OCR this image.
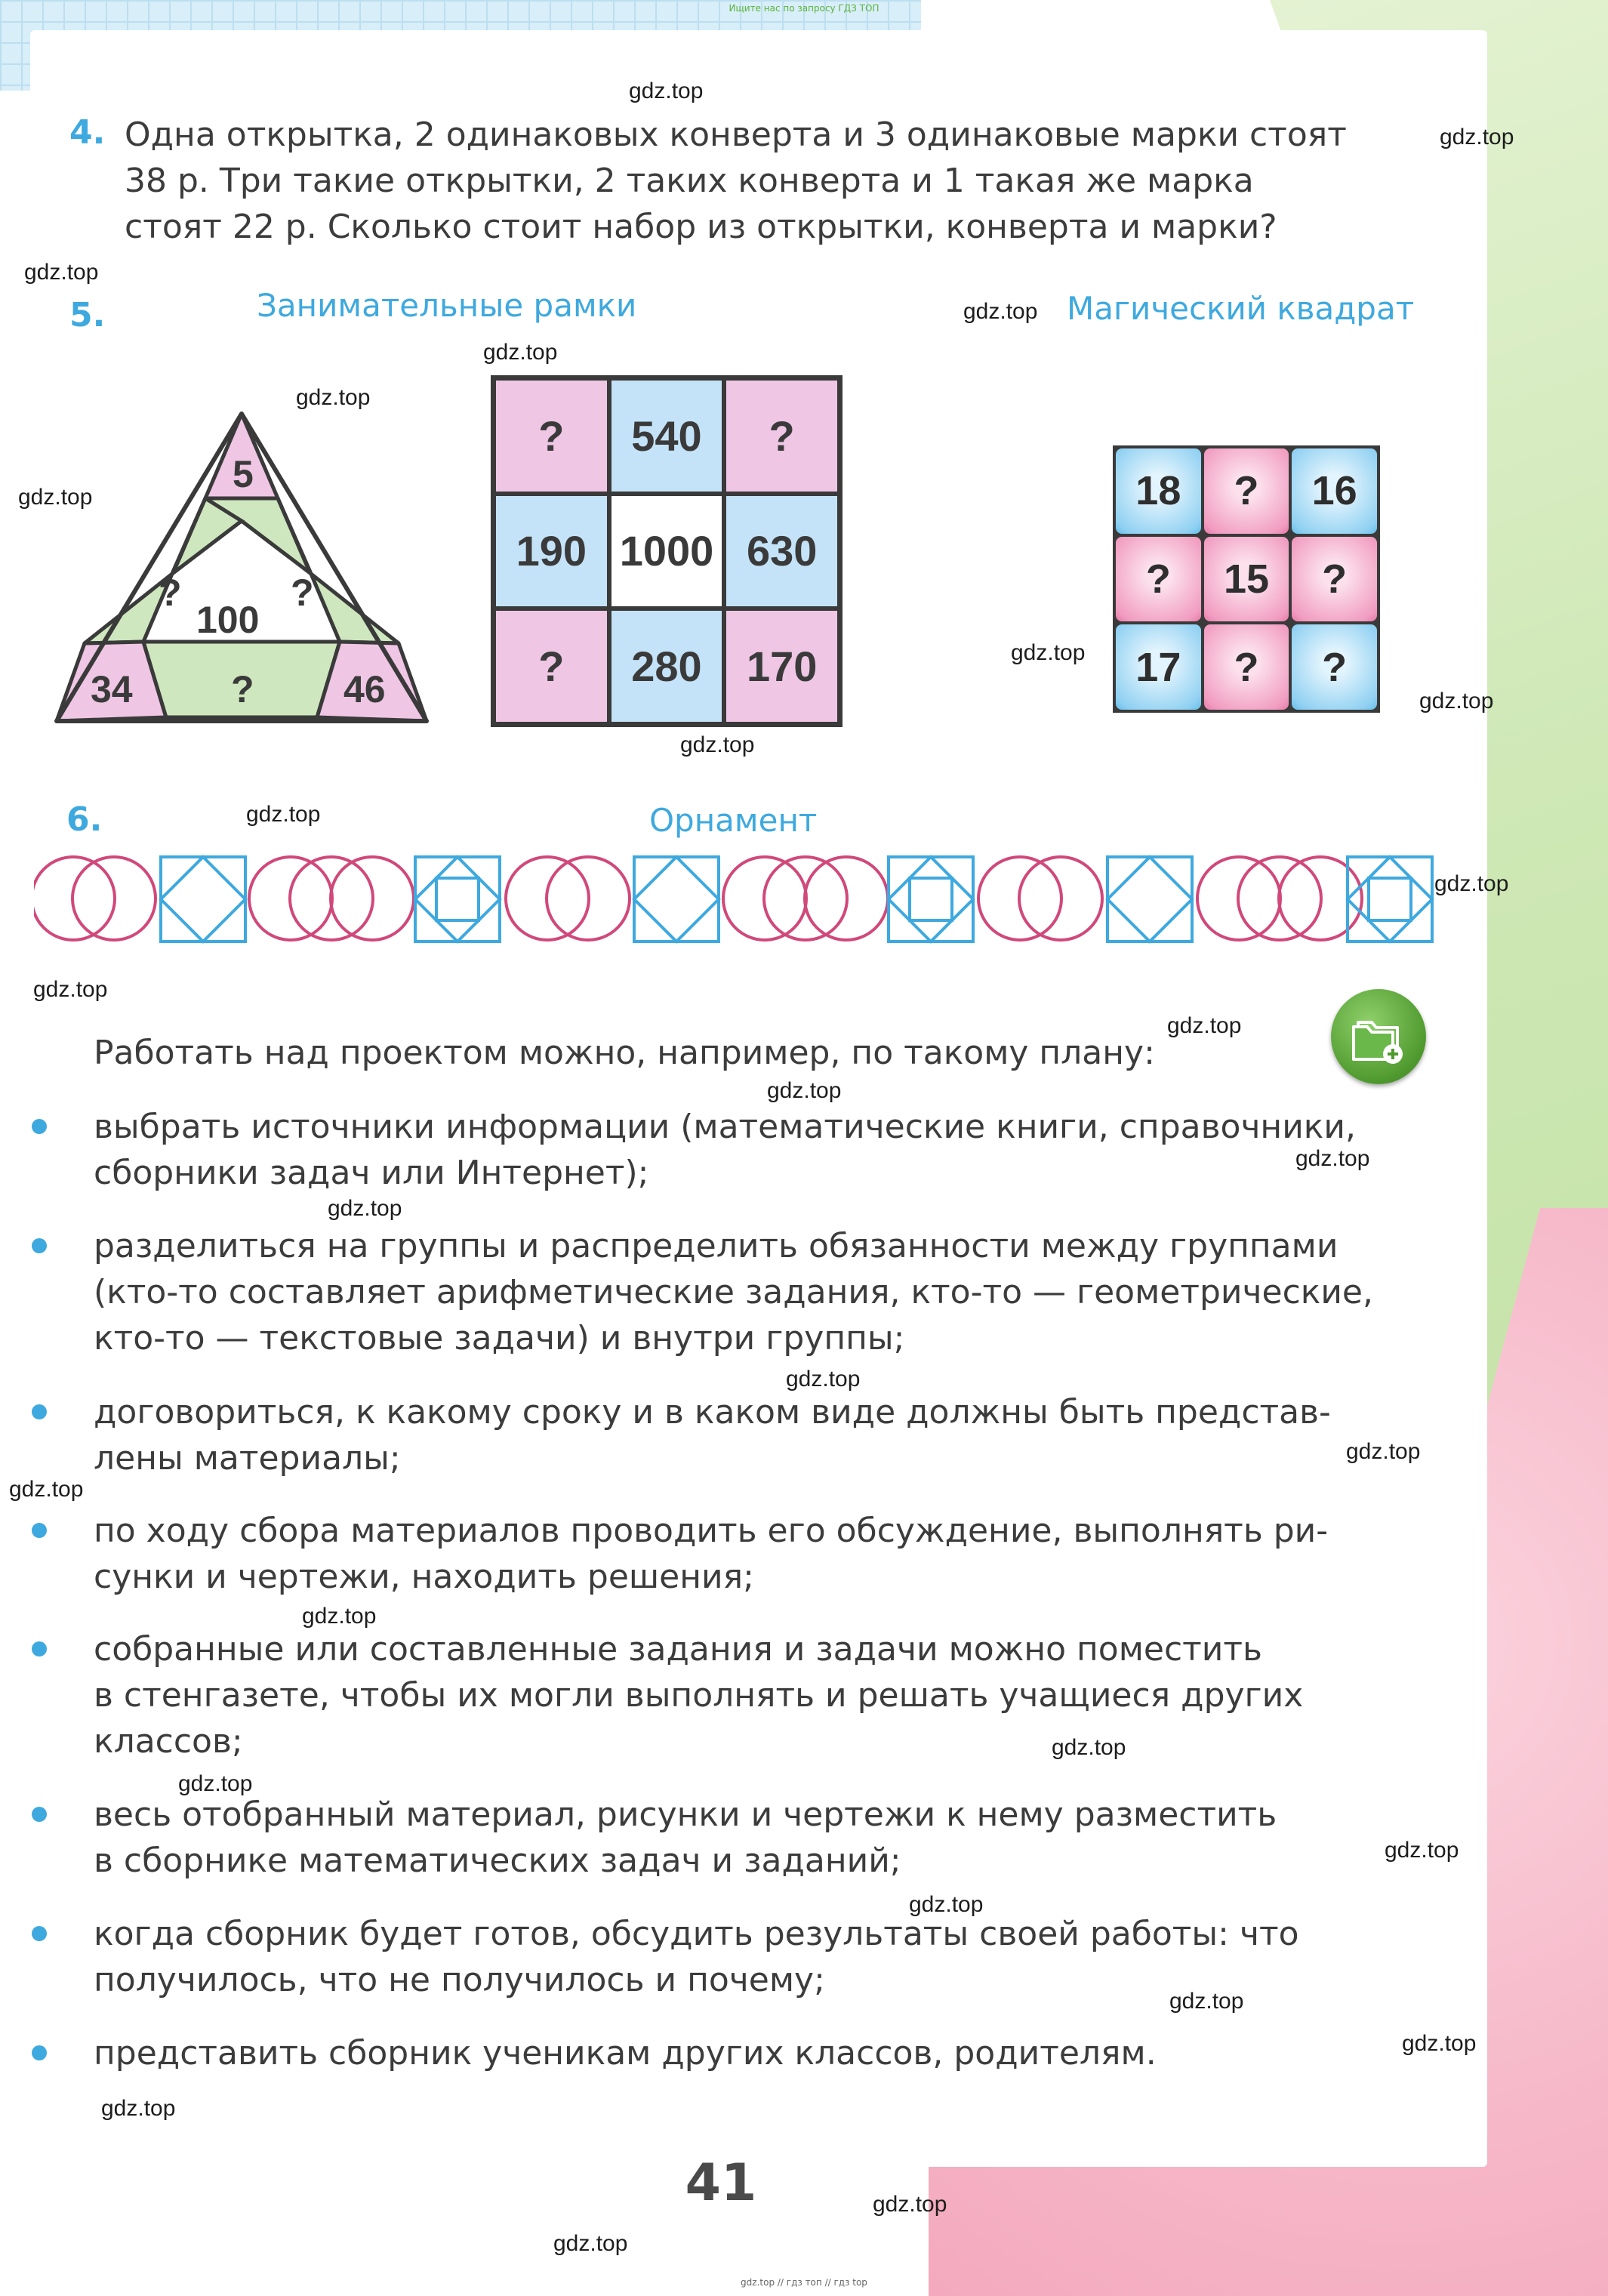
41
Ищите нас по запросу ГДЗ ТОП
gdz.top // гдз топ // гдз top
4. Одна открытка, 2 одинаковых конверта и 3 одинаковые марки стоят
38 р. Три такие открытки, 2 таких конверта и 1 такая же марка
стоят 22 р. Сколько стоит набор из открытки, конверта и марки?
5.	Занимательные рамки	Магический квадрат
5
?	?
100
34	? 46
?	540	?
190 1000 630
?	280	170
18	?	16
?	15	?
17	?	?
6.	Орнамент
Работать над проектом можно, например, по такому плану:
выбрать источники информации (математические книги, справочники,
сборники задач или Интернет);
разделиться на группы и распределить обязанности между группами
(кто-то составляет арифметические задания, кто-то — геометрические,
кто-то — текстовые задачи) и внутри группы;
договориться, к какому сроку и в каком виде должны быть представ-
лены материалы;
по ходу сбора материалов проводить его обсуждение, выполнять ри-
сунки и чертежи, находить решения;
собранные или составленные задания и задачи можно поместить
в стенгазете, чтобы их могли выполнять и решать учащиеся других
классов;
весь отобранный материал, рисунки и чертежи к нему разместить
в сборнике математических задач и заданий;
когда сборник будет готов, обсудить результаты своей работы: что
получилось, что не получилось и почему;
представить сборник ученикам других классов, родителям.
gdz.top
gdz.top
gdz.top
gdz.top
gdz.top
gdz.top
gdz.top
gdz.top
gdz.top
gdz.top
gdz.top
gdz.top
gdz.top
gdz.top
gdz.top
gdz.top
gdz.top
gdz.top
gdz.top
gdz.top
gdz.top
gdz.top
gdz.top
gdz.top
gdz.top
gdz.top
gdz.top
gdz.top
gdz.top
gdz.top
